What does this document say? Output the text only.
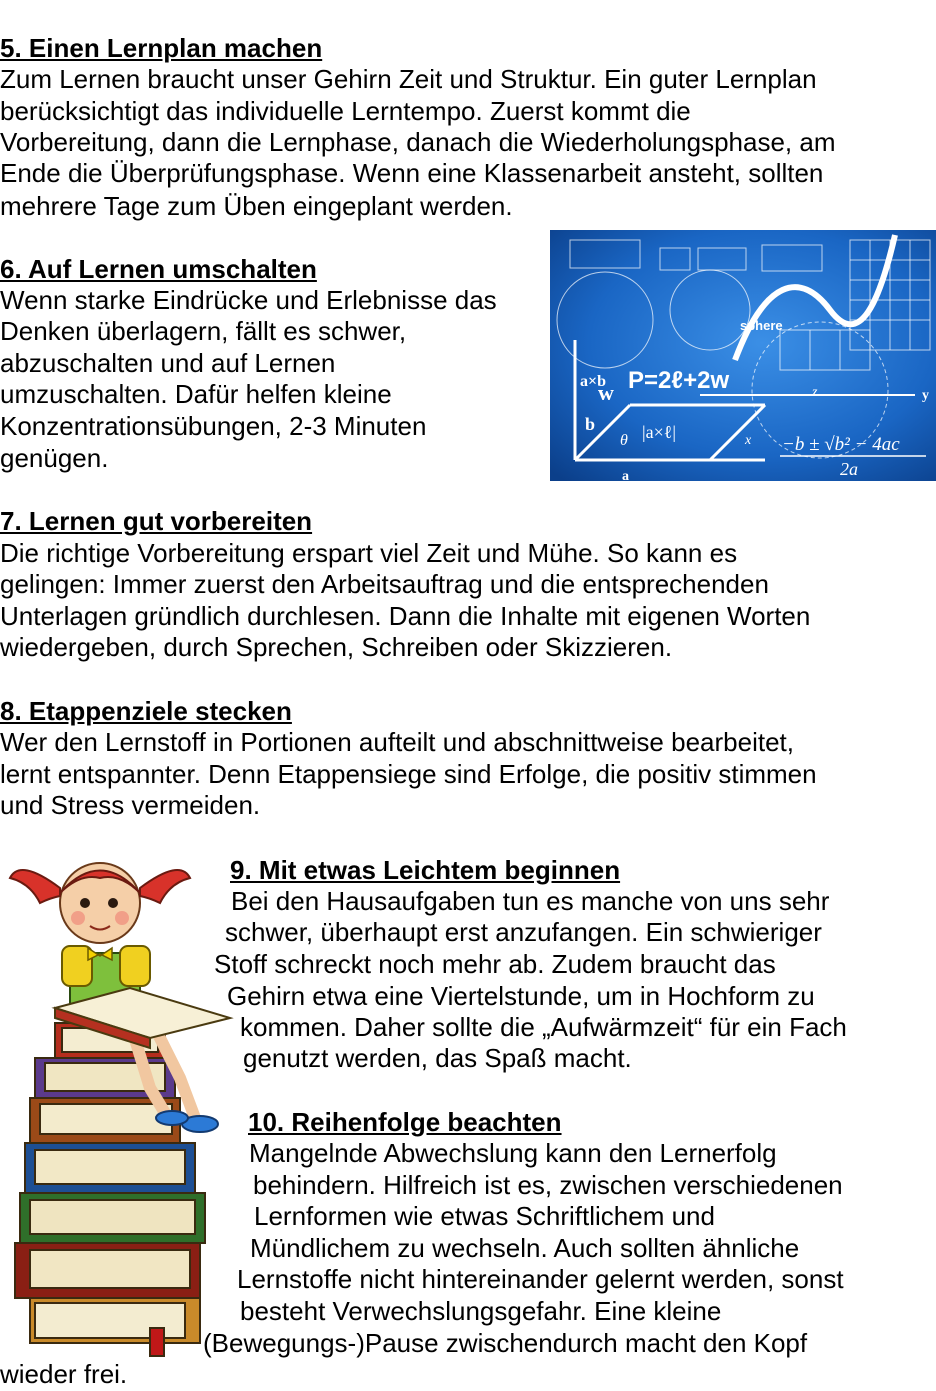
5. Einen Lernplan machen
Zum Lernen braucht unser Gehirn Zeit und Struktur. Ein guter Lernplan
berücksichtigt das individuelle Lerntempo. Zuerst kommt die
Vorbereitung, dann die Lernphase, danach die Wiederholungsphase, am
Ende die Überprüfungsphase. Wenn eine Klassenarbeit ansteht, sollten
mehrere Tage zum Üben eingeplant werden.
6. Auf Lernen umschalten
Wenn starke Eindrücke und Erlebnisse das
Denken überlagern, fällt es schwer,
abzuschalten und auf Lernen
umzuschalten. Dafür helfen kleine
Konzentrationsübungen, 2-3 Minuten
genügen.
y
a×b
w P=2ℓ+2w
|a×ℓ|
b
θ
a
sphere
x
z
−b ± √b² − 4ac
2a
7. Lernen gut vorbereiten
Die richtige Vorbereitung erspart viel Zeit und Mühe. So kann es
gelingen: Immer zuerst den Arbeitsauftrag und die entsprechenden
Unterlagen gründlich durchlesen. Dann die Inhalte mit eigenen Worten
wiedergeben, durch Sprechen, Schreiben oder Skizzieren.
8. Etappenziele stecken
Wer den Lernstoff in Portionen aufteilt und abschnittweise bearbeitet,
lernt entspannter. Denn Etappensiege sind Erfolge, die positiv stimmen
und Stress vermeiden.
9. Mit etwas Leichtem beginnen
Bei den Hausaufgaben tun es manche von uns sehr
schwer, überhaupt erst anzufangen. Ein schwieriger
Stoff schreckt noch mehr ab. Zudem braucht das
Gehirn etwa eine Viertelstunde, um in Hochform zu
kommen. Daher sollte die „Aufwärmzeit“ für ein Fach
genutzt werden, das Spaß macht.
10. Reihenfolge beachten
Mangelnde Abwechslung kann den Lernerfolg
behindern. Hilfreich ist es, zwischen verschiedenen
Lernformen wie etwas Schriftlichem und
Mündlichem zu wechseln. Auch sollten ähnliche
Lernstoffe nicht hintereinander gelernt werden, sonst
besteht Verwechslungsgefahr. Eine kleine
(Bewegungs-)Pause zwischendurch macht den Kopf
wieder frei.
